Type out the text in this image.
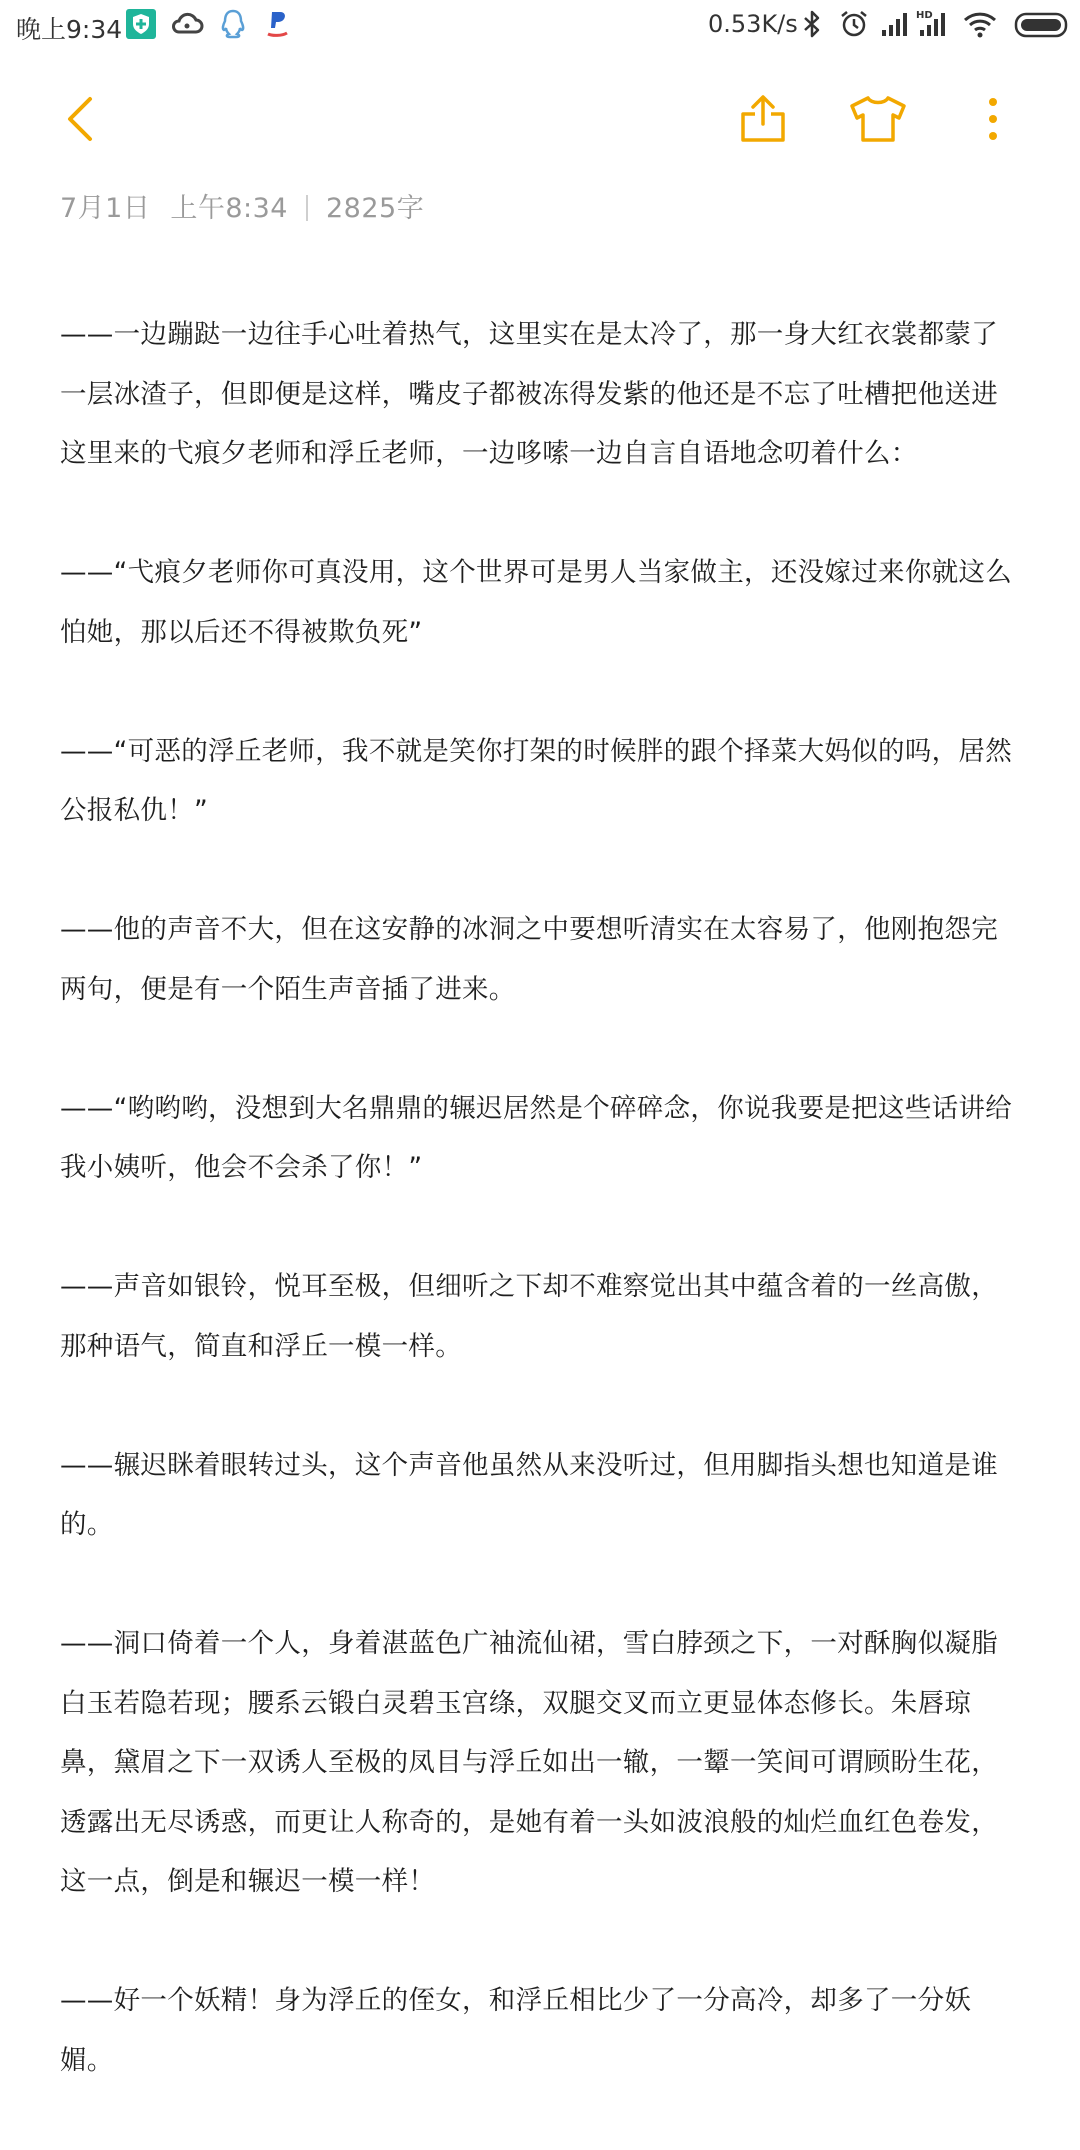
晚上9:34	0.53K/s	HD
7月1日 上午8:34 2825字

——一边蹦跶一边往手心吐着热气，这里实在是太冷了，那一身大红衣裳都蒙了一层冰渣子，但即便是这样，嘴皮子都被冻得发紫的他还是不忘了吐槽把他送进这里来的弋痕夕老师和浮丘老师，一边哆嗦一边自言自语地念叨着什么：

——“弋痕夕老师你可真没用，这个世界可是男人当家做主，还没嫁过来你就这么怕她，那以后还不得被欺负死”

——“可恶的浮丘老师，我不就是笑你打架的时候胖的跟个择菜大妈似的吗，居然公报私仇！”

——他的声音不大，但在这安静的冰洞之中要想听清实在太容易了，他刚抱怨完两句，便是有一个陌生声音插了进来。

——“哟哟哟，没想到大名鼎鼎的辗迟居然是个碎碎念，你说我要是把这些话讲给我小姨听，他会不会杀了你！”

——声音如银铃，悦耳至极，但细听之下却不难察觉出其中蕴含着的一丝高傲，那种语气，简直和浮丘一模一样。

——辗迟眯着眼转过头，这个声音他虽然从来没听过，但用脚指头想也知道是谁的。

——洞口倚着一个人，身着湛蓝色广袖流仙裙，雪白脖颈之下，一对酥胸似凝脂白玉若隐若现；腰系云锻白灵碧玉宫绦，双腿交叉而立更显体态修长。朱唇琼鼻，黛眉之下一双诱人至极的凤目与浮丘如出一辙，一颦一笑间可谓顾盼生花，透露出无尽诱惑，而更让人称奇的，是她有着一头如波浪般的灿烂血红色卷发，这一点，倒是和辗迟一模一样！

——好一个妖精！身为浮丘的侄女，和浮丘相比少了一分高冷，却多了一分妖媚。
